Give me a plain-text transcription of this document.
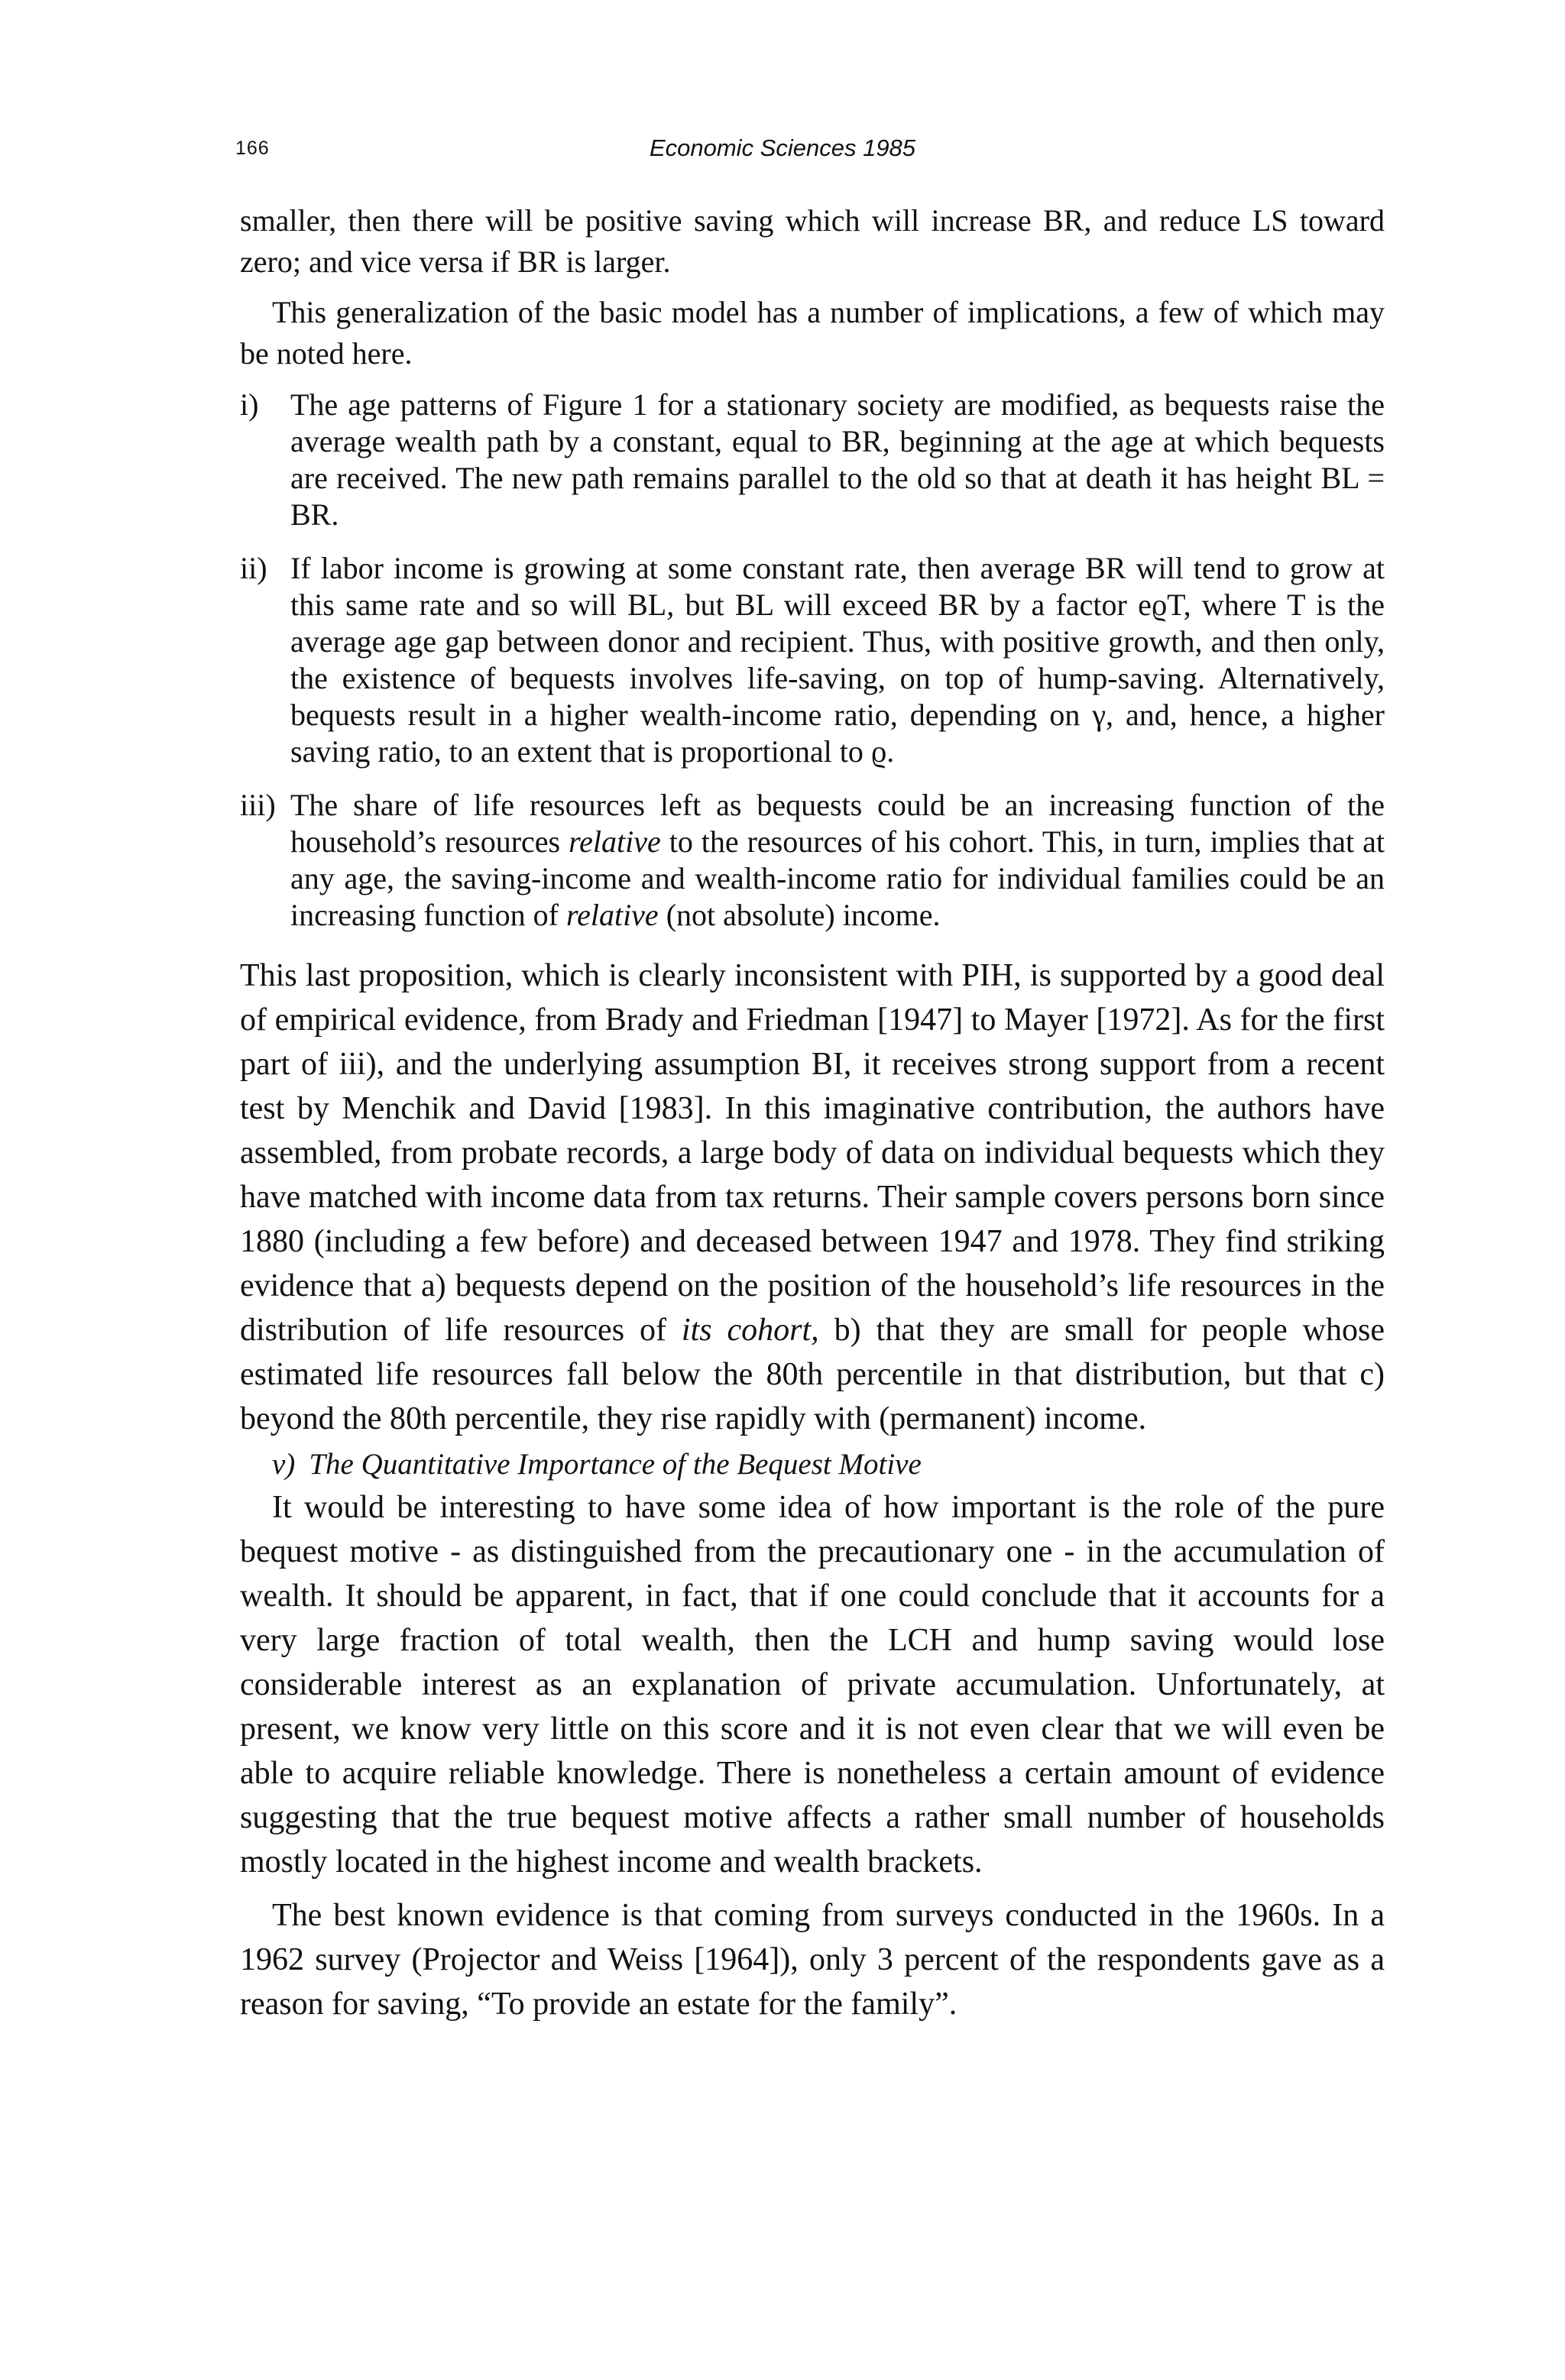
166	Economic Sciences 1985

smaller, then there will be positive saving which will increase BR, and reduce LS toward zero; and vice versa if BR is larger.

This generalization of the basic model has a number of implications, a few of which may be noted here.

i) The age patterns of Figure 1 for a stationary society are modified, as bequests raise the average wealth path by a constant, equal to BR, beginning at the age at which bequests are received. The new path remains parallel to the old so that at death it has height BL = BR.
ii) If labor income is growing at some constant rate, then average BR will tend to grow at this same rate and so will BL, but BL will exceed BR by a factor eϱT, where T is the average age gap between donor and recipient. Thus, with positive growth, and then only, the existence of bequests involves life-saving, on top of hump-saving. Alternatively, bequests result in a higher wealth-income ratio, depending on γ, and, hence, a higher saving ratio, to an extent that is proportional to ϱ.
iii) The share of life resources left as bequests could be an increasing function of the household’s resources relative to the resources of his cohort. This, in turn, implies that at any age, the saving-income and wealth-income ratio for individual families could be an increasing function of relative (not absolute) income.

This last proposition, which is clearly inconsistent with PIH, is supported by a good deal of empirical evidence, from Brady and Friedman [1947] to Mayer [1972]. As for the first part of iii), and the underlying assumption BI, it receives strong support from a recent test by Menchik and David [1983]. In this imaginative contribution, the authors have assembled, from probate records, a large body of data on individual bequests which they have matched with income data from tax returns. Their sample covers persons born since 1880 (including a few before) and deceased between 1947 and 1978. They find striking evidence that a) bequests depend on the position of the household’s life resources in the distribution of life resources of its cohort, b) that they are small for people whose estimated life resources fall below the 80th percentile in that distribution, but that c) beyond the 80th percentile, they rise rapidly with (permanent) income.

v) The Quantitative Importance of the Bequest Motive

It would be interesting to have some idea of how important is the role of the pure bequest motive - as distinguished from the precautionary one - in the accumulation of wealth. It should be apparent, in fact, that if one could conclude that it accounts for a very large fraction of total wealth, then the LCH and hump saving would lose considerable interest as an explanation of private accumulation. Unfortunately, at present, we know very little on this score and it is not even clear that we will even be able to acquire reliable knowledge. There is nonetheless a certain amount of evidence suggesting that the true bequest motive affects a rather small number of households mostly located in the highest income and wealth brackets.

The best known evidence is that coming from surveys conducted in the 1960s. In a 1962 survey (Projector and Weiss [1964]), only 3 percent of the respondents gave as a reason for saving, “To provide an estate for the family”.
